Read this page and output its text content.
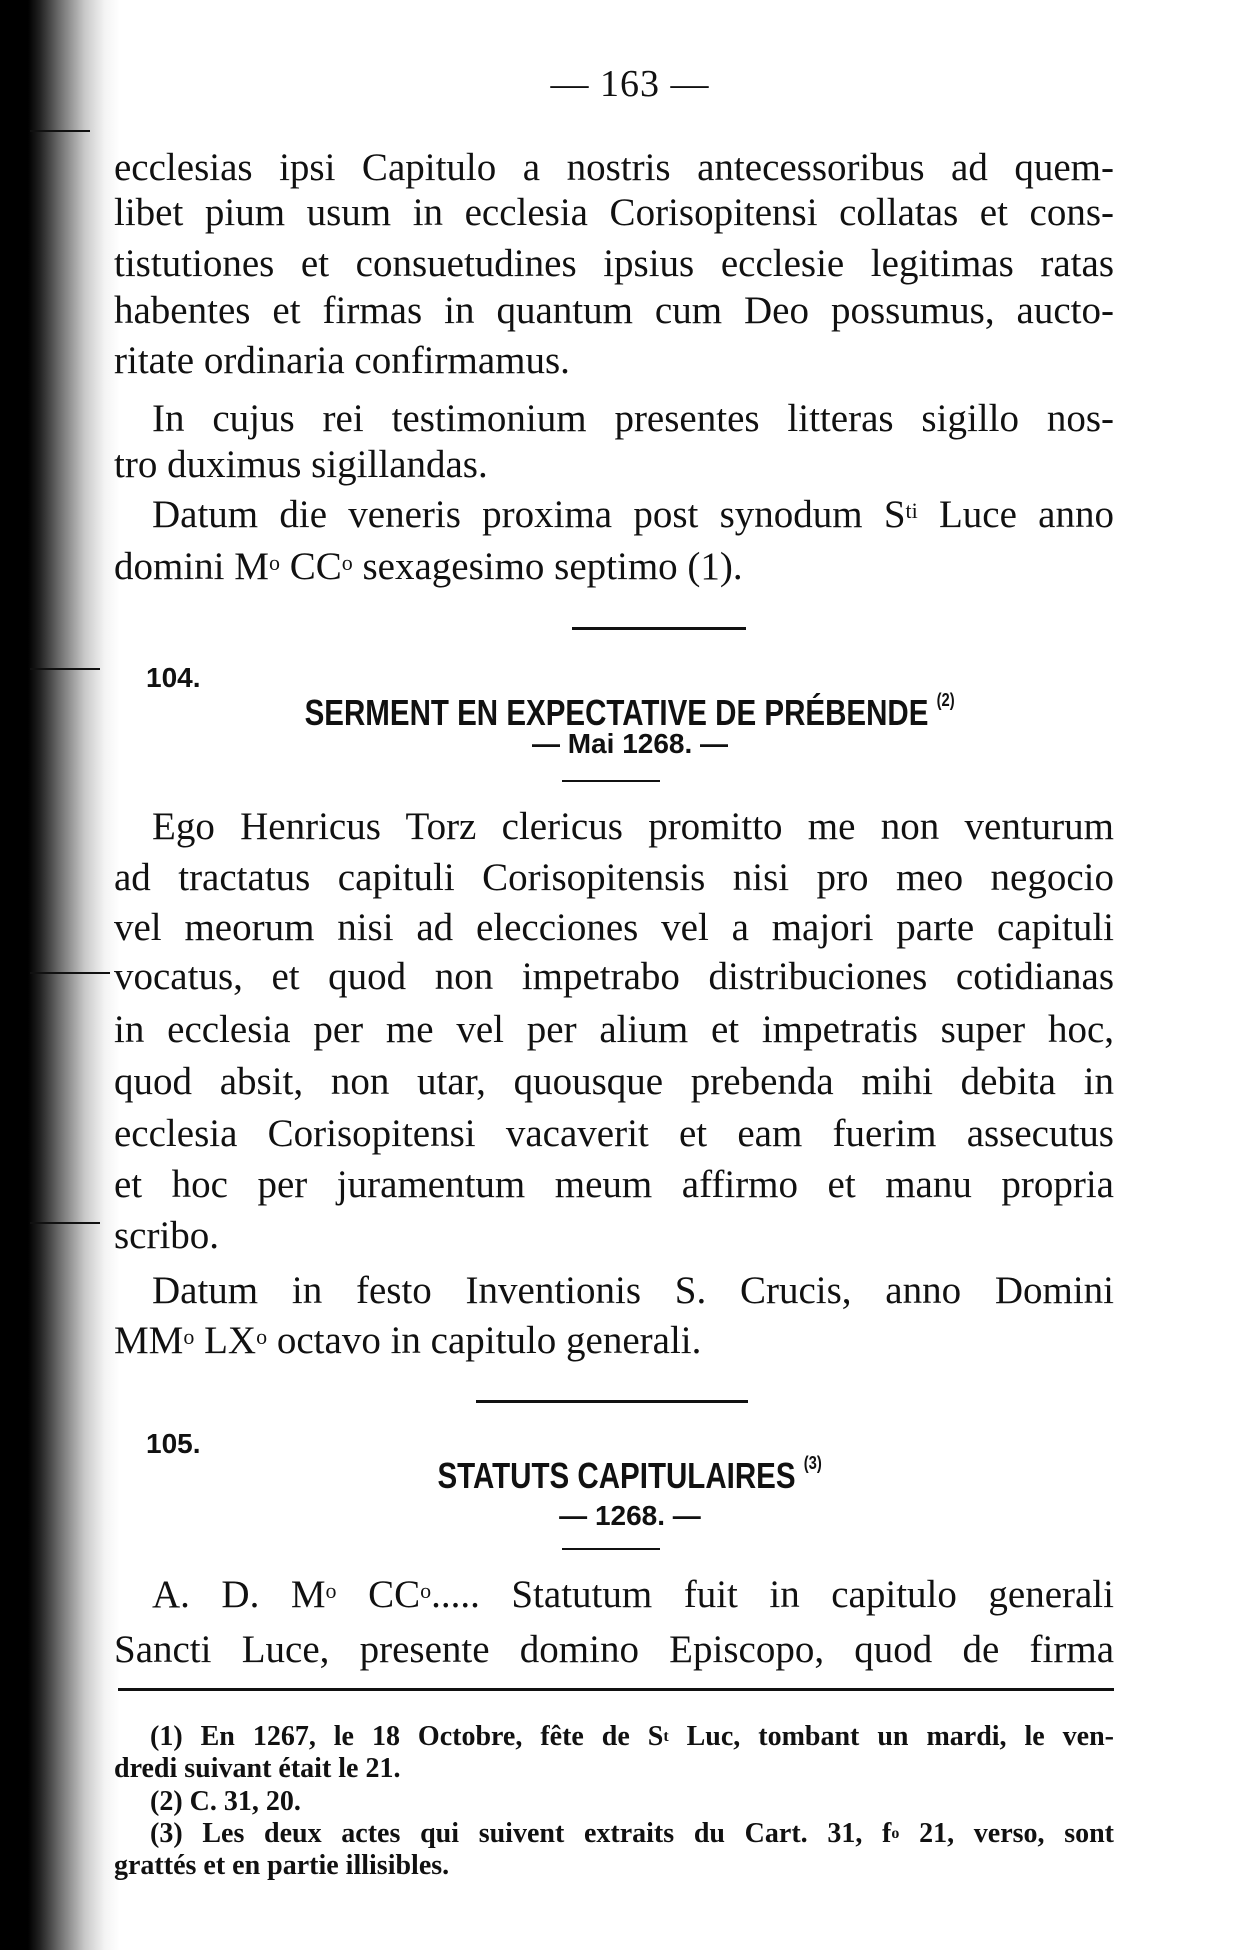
— 163 —
ecclesias ipsi Capitulo a nostris antecessoribus ad quem-
libet pium usum in ecclesia Corisopitensi collatas et cons-
tistutiones et consuetudines ipsius ecclesie legitimas ratas
habentes et firmas in quantum cum Deo possumus, aucto-
ritate ordinaria confirmamus.
In cujus rei testimonium presentes litteras sigillo nos-
tro duximus sigillandas.
Datum die veneris proxima post synodum $S^{ti}$ Luce anno
domini $M^o$ $CC^o$ sexagesimo septimo (1).
104.
SERMENT EN EXPECTATIVE DE PRÉBENDE $^{(2)}$
— Mai 1268. —
Ego Henricus Torz clericus promitto me non venturum
ad tractatus capituli Corisopitensis nisi pro meo negocio
vel meorum nisi ad elecciones vel a majori parte capituli
vocatus, et quod non impetrabo distribuciones cotidianas
in ecclesia per me vel per alium et impetratis super hoc,
quod absit, non utar, quousque prebenda mihi debita in
ecclesia Corisopitensi vacaverit et eam fuerim assecutus
et hoc per juramentum meum affirmo et manu propria
scribo.
Datum in festo Inventionis S. Crucis, anno Domini
$MM^o$ $LX^o$ octavo in capitulo generali.
105.
STATUTS CAPITULAIRES $^{(3)}$
— 1268. —
A. D. $M^o$ $CC^o$..... Statutum fuit in capitulo generali
Sancti Luce, presente domino Episcopo, quod de firma
(1) En 1267, le 18 Octobre, fête de $S^t$ Luc, tombant un mardi, le ven-
dredi suivant était le 21.
(2) C. 31, 20.
(3) Les deux actes qui suivent extraits du Cart. 31, $f^o$ 21, verso, sont
grattés et en partie illisibles.
